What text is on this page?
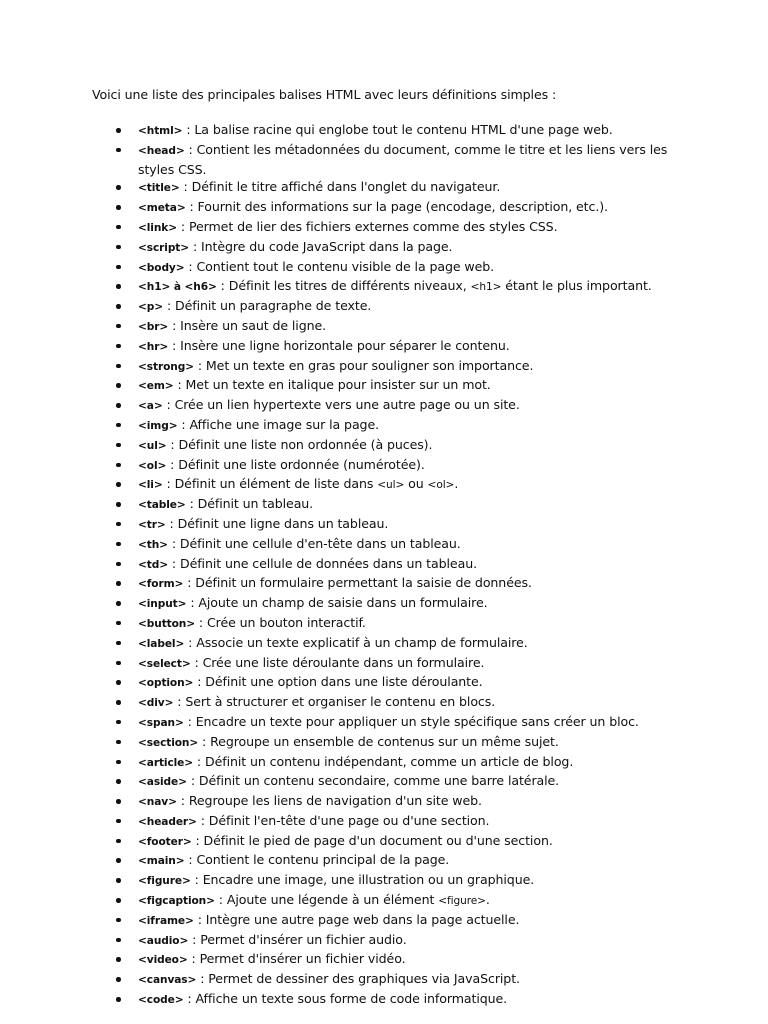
Voici une liste des principales balises HTML avec leurs définitions simples :

<html> : La balise racine qui englobe tout le contenu HTML d'une page web.
<head> : Contient les métadonnées du document, comme le titre et les liens vers les styles CSS.
<title> : Définit le titre affiché dans l'onglet du navigateur.
<meta> : Fournit des informations sur la page (encodage, description, etc.).
<link> : Permet de lier des fichiers externes comme des styles CSS.
<script> : Intègre du code JavaScript dans la page.
<body> : Contient tout le contenu visible de la page web.
<h1> à <h6> : Définit les titres de différents niveaux, <h1> étant le plus important.
<p> : Définit un paragraphe de texte.
<br> : Insère un saut de ligne.
<hr> : Insère une ligne horizontale pour séparer le contenu.
<strong> : Met un texte en gras pour souligner son importance.
<em> : Met un texte en italique pour insister sur un mot.
<a> : Crée un lien hypertexte vers une autre page ou un site.
<img> : Affiche une image sur la page.
<ul> : Définit une liste non ordonnée (à puces).
<ol> : Définit une liste ordonnée (numérotée).
<li> : Définit un élément de liste dans <ul> ou <ol>.
<table> : Définit un tableau.
<tr> : Définit une ligne dans un tableau.
<th> : Définit une cellule d'en-tête dans un tableau.
<td> : Définit une cellule de données dans un tableau.
<form> : Définit un formulaire permettant la saisie de données.
<input> : Ajoute un champ de saisie dans un formulaire.
<button> : Crée un bouton interactif.
<label> : Associe un texte explicatif à un champ de formulaire.
<select> : Crée une liste déroulante dans un formulaire.
<option> : Définit une option dans une liste déroulante.
<div> : Sert à structurer et organiser le contenu en blocs.
<span> : Encadre un texte pour appliquer un style spécifique sans créer un bloc.
<section> : Regroupe un ensemble de contenus sur un même sujet.
<article> : Définit un contenu indépendant, comme un article de blog.
<aside> : Définit un contenu secondaire, comme une barre latérale.
<nav> : Regroupe les liens de navigation d'un site web.
<header> : Définit l'en-tête d'une page ou d'une section.
<footer> : Définit le pied de page d'un document ou d'une section.
<main> : Contient le contenu principal de la page.
<figure> : Encadre une image, une illustration ou un graphique.
<figcaption> : Ajoute une légende à un élément <figure>.
<iframe> : Intègre une autre page web dans la page actuelle.
<audio> : Permet d'insérer un fichier audio.
<video> : Permet d'insérer un fichier vidéo.
<canvas> : Permet de dessiner des graphiques via JavaScript.
<code> : Affiche un texte sous forme de code informatique.
